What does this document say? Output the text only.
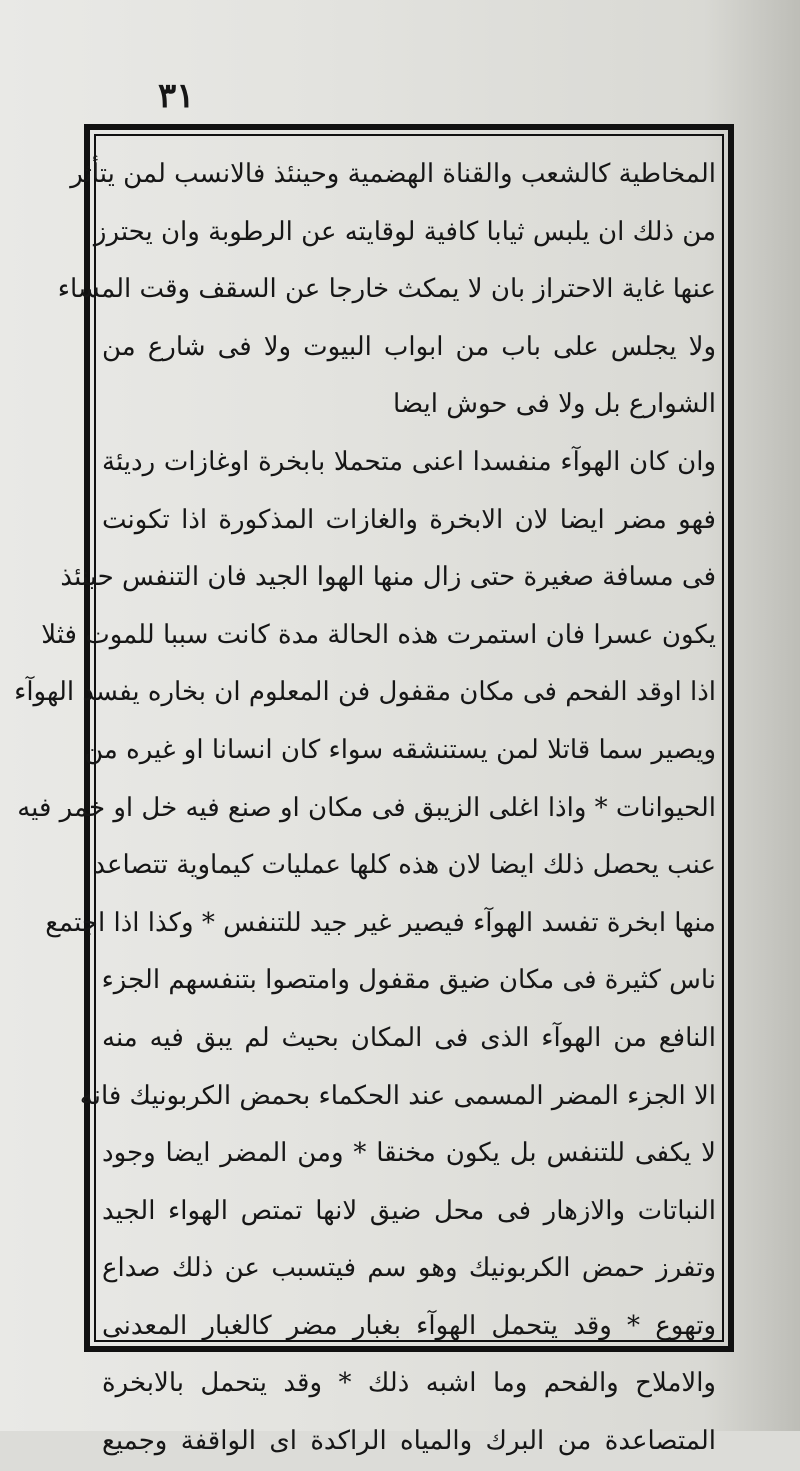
٣١
المخاطية كالشعب والقناة الهضمية وحينئذ فالانسب لمن يتأثر
من ذلك ان يلبس ثيابا كافية لوقايته عن الرطوبة وان يحترز
عنها غاية الاحتراز بان لا يمكث خارجا عن السقف وقت المساء
ولا يجلس على باب من ابواب البيوت ولا فى شارع من
الشوارع بل ولا فى حوش ايضا
وان كان الهوآء منفسدا اعنى متحملا بابخرة اوغازات رديئة
فهو مضر ايضا لان الابخرة والغازات المذكورة اذا تكونت
فى مسافة صغيرة حتى زال منها الهوا الجيد فان التنفس حينئذ
يكون عسرا فان استمرت هذه الحالة مدة كانت سببا للموت فثلا
اذا اوقد الفحم فى مكان مقفول فن المعلوم ان بخاره يفسد الهوآء
ويصير سما قاتلا لمن يستنشقه سواء كان انسانا او غيره من
الحيوانات * واذا اغلى الزيبق فى مكان او صنع فيه خل او خمر فيه
عنب يحصل ذلك ايضا لان هذه كلها عمليات كيماوية تتصاعد
منها ابخرة تفسد الهوآء فيصير غير جيد للتنفس * وكذا اذا اجتمع
ناس كثيرة فى مكان ضيق مقفول وامتصوا بتنفسهم الجزء
النافع من الهوآء الذى فى المكان بحيث لم يبق فيه منه
الا الجزء المضر المسمى عند الحكماء بحمض الكربونيك فانه
لا يكفى للتنفس بل يكون مخنقا * ومن المضر ايضا وجود
النباتات والازهار فى محل ضيق لانها تمتص الهواء الجيد
وتفرز حمض الكربونيك وهو سم فيتسبب عن ذلك صداع
وتهوع * وقد يتحمل الهوآء بغبار مضر كالغبار المعدنى
والاملاح والفحم وما اشبه ذلك * وقد يتحمل بالابخرة
المتصاعدة من البرك والمياه الراكدة اى الواقفة وجميع
